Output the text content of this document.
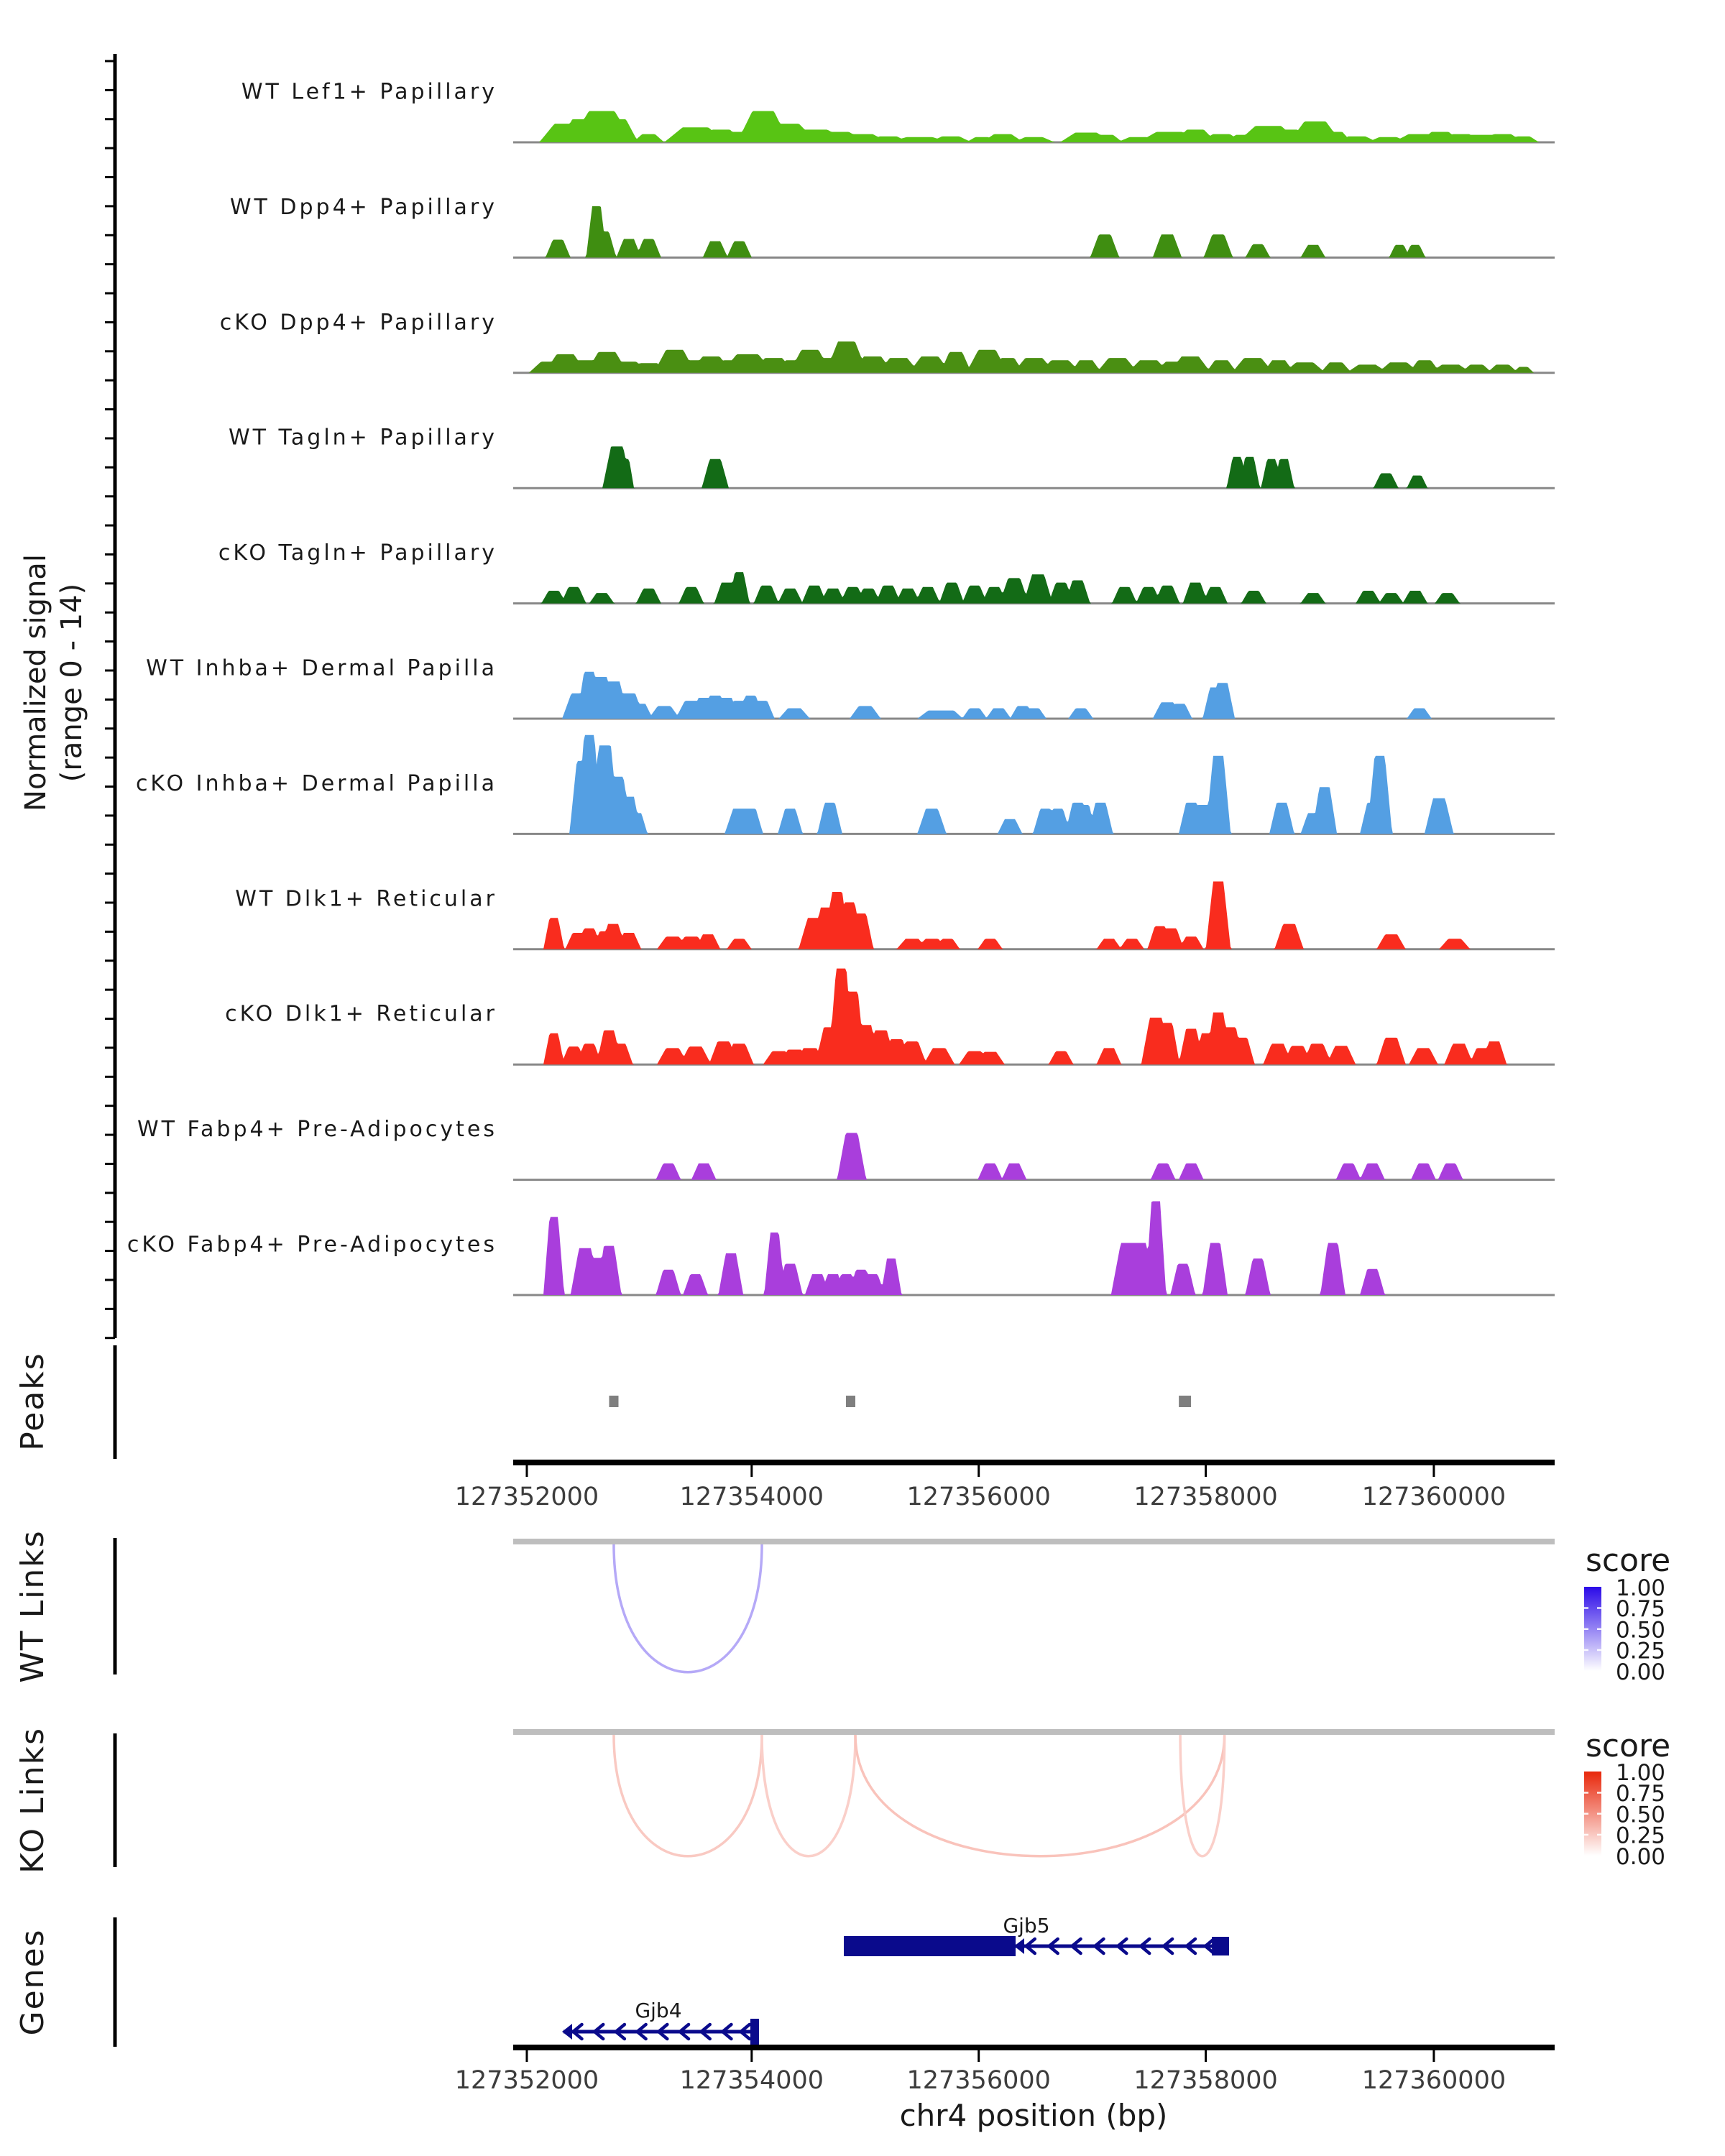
Normalized signal (range 0 - 14)
Peaks
WT Links
KO Links
Genes
WT Lef1+ Papillary
WT Dpp4+ Papillary
cKO Dpp4+ Papillary
WT Tagln+ Papillary
cKO Tagln+ Papillary
WT Inhba+ Dermal Papilla
cKO Inhba+ Dermal Papilla
WT Dlk1+ Reticular
cKO Dlk1+ Reticular
WT Fabp4+ Pre-Adipocytes
cKO Fabp4+ Pre-Adipocytes
127352000	127354000	127356000	127358000	127360000
1.00
0.75
0.50
0.25
0.00
1.00
0.75
0.50
0.25
0.00
127352000	127354000	127356000	127358000	127360000
score
score
Gjb5
Gjb4
chr4 position (bp)
